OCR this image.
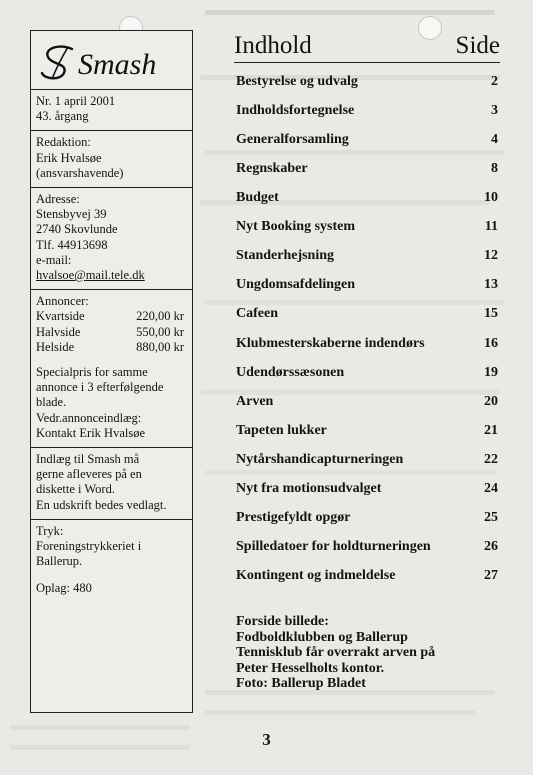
Smash
Nr. 1 april 2001
43. årgang
Redaktion:
Erik Hvalsøe
(ansvarshavende)
Adresse:
Stensbyvej 39
2740 Skovlunde
Tlf. 44913698
e-mail:
hvalsoe@mail.tele.dk
Annoncer:
Kvartside	220,00 kr
Halvside	550,00 kr
Helside	880,00 kr
Specialpris for samme
annonce i 3 efterfølgende
blade.
Vedr.annonceindlæg:
Kontakt Erik Hvalsøe
Indlæg til Smash må
gerne afleveres på en
diskette i Word.
En udskrift bedes vedlagt.
Tryk:
Foreningstrykkeriet i
Ballerup.
Oplag: 480
Indhold	Side
Bestyrelse og udvalg	2
Indholdsfortegnelse	3
Generalforsamling	4
Regnskaber	8
Budget	10
Nyt Booking system	11
Standerhejsning	12
Ungdomsafdelingen	13
Cafeen	15
Klubmesterskaberne indendørs	16
Udendørssæsonen	19
Arven	20
Tapeten lukker	21
Nytårshandicapturneringen	22
Nyt fra motionsudvalget	24
Prestigefyldt opgør	25
Spilledatoer for holdturneringen	26
Kontingent og indmeldelse	27
Forside billede:
Fodboldklubben og Ballerup
Tennisklub får overrakt arven på
Peter Hesselholts kontor.
Foto: Ballerup Bladet
3
